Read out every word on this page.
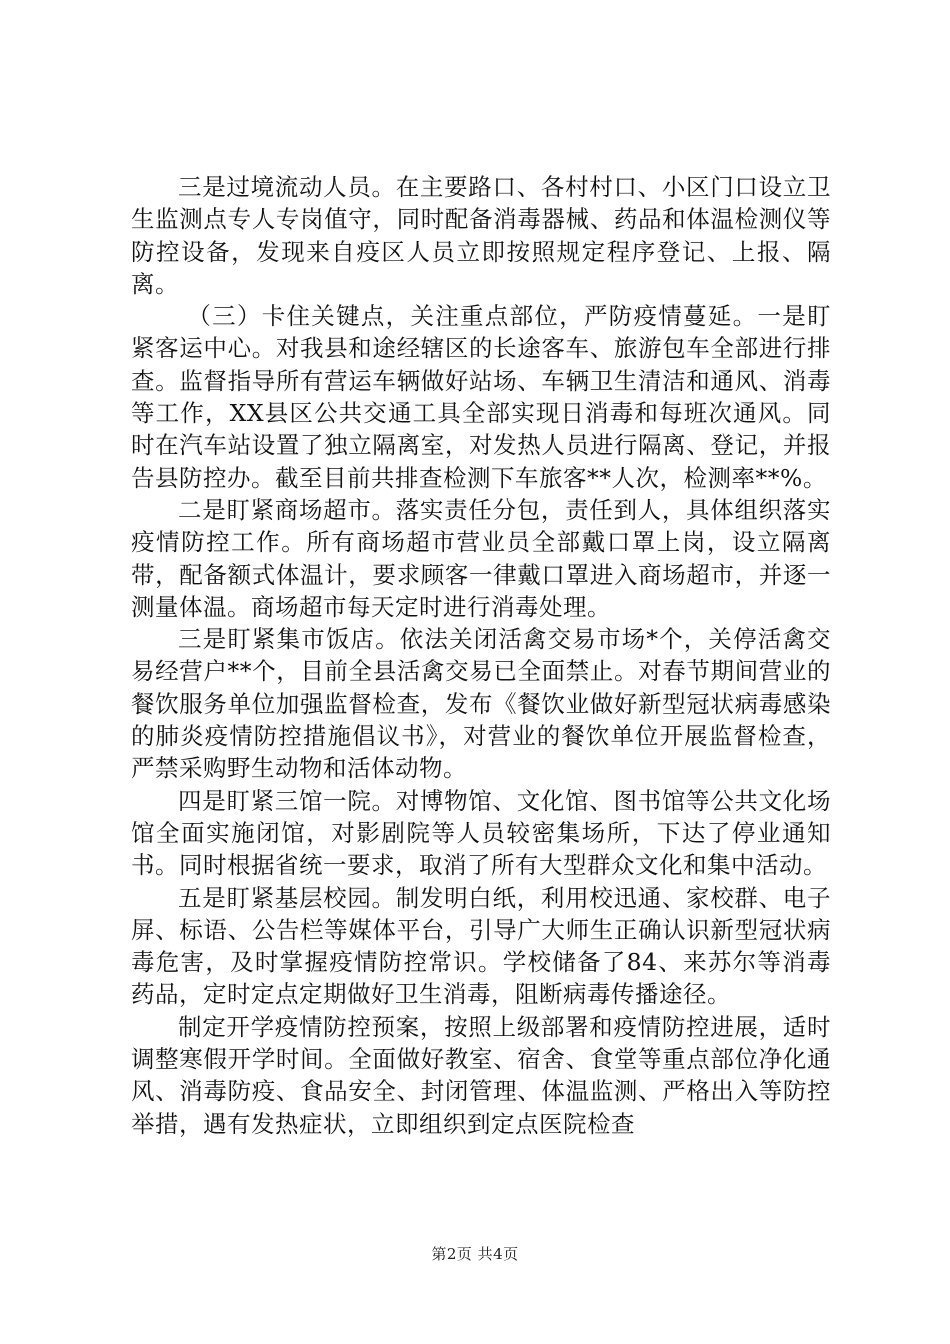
三是过境流动人员。在主要路口、各村村口、小区门口设立卫生监测点专人专岗值守，同时配备消毒器械、药品和体温检测仪等防控设备，发现来自疫区人员立即按照规定程序登记、上报、隔离。

（三）卡住关键点，关注重点部位，严防疫情蔓延。一是盯紧客运中心。对我县和途经辖区的长途客车、旅游包车全部进行排查。监督指导所有营运车辆做好站场、车辆卫生清洁和通风、消毒等工作，XX县区公共交通工具全部实现日消毒和每班次通风。同时在汽车站设置了独立隔离室，对发热人员进行隔离、登记，并报告县防控办。截至目前共排查检测下车旅客**人次，检测率**%。

二是盯紧商场超市。落实责任分包，责任到人，具体组织落实疫情防控工作。所有商场超市营业员全部戴口罩上岗，设立隔离带，配备额式体温计，要求顾客一律戴口罩进入商场超市，并逐一测量体温。商场超市每天定时进行消毒处理。

三是盯紧集市饭店。依法关闭活禽交易市场*个，关停活禽交易经营户**个，目前全县活禽交易已全面禁止。对春节期间营业的餐饮服务单位加强监督检查，发布《餐饮业做好新型冠状病毒感染的肺炎疫情防控措施倡议书》，对营业的餐饮单位开展监督检查，严禁采购野生动物和活体动物。

四是盯紧三馆一院。对博物馆、文化馆、图书馆等公共文化场馆全面实施闭馆，对影剧院等人员较密集场所，下达了停业通知书。同时根据省统一要求，取消了所有大型群众文化和集中活动。

五是盯紧基层校园。制发明白纸，利用校迅通、家校群、电子屏、标语、公告栏等媒体平台，引导广大师生正确认识新型冠状病毒危害，及时掌握疫情防控常识。学校储备了84、来苏尔等消毒药品，定时定点定期做好卫生消毒，阻断病毒传播途径。

制定开学疫情防控预案，按照上级部署和疫情防控进展，适时调整寒假开学时间。全面做好教室、宿舍、食堂等重点部位净化通风、消毒防疫、食品安全、封闭管理、体温监测、严格出入等防控举措，遇有发热症状，立即组织到定点医院检查

第2页 共4页
